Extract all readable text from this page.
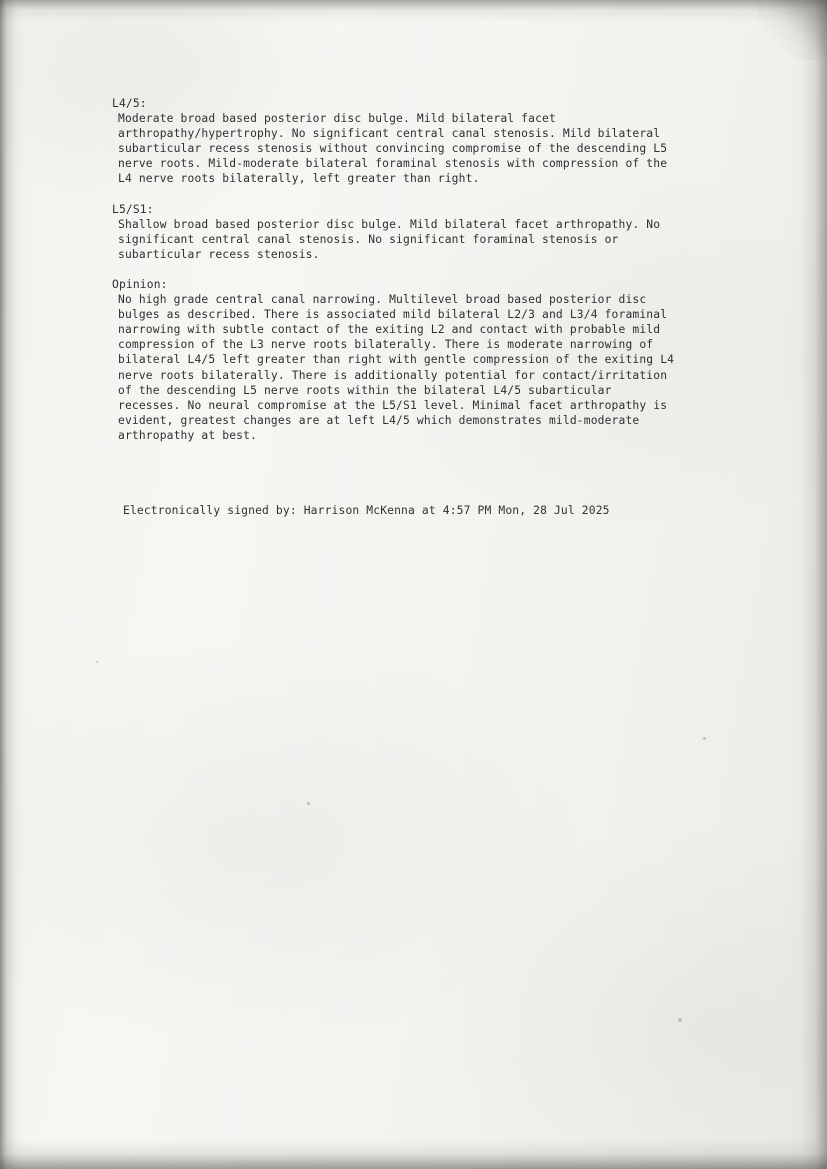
L4/5:
Moderate broad based posterior disc bulge. Mild bilateral facet
arthropathy/hypertrophy. No significant central canal stenosis. Mild bilateral
subarticular recess stenosis without convincing compromise of the descending L5
nerve roots. Mild-moderate bilateral foraminal stenosis with compression of the
L4 nerve roots bilaterally, left greater than right.
L5/S1:
Shallow broad based posterior disc bulge. Mild bilateral facet arthropathy. No
significant central canal stenosis. No significant foraminal stenosis or
subarticular recess stenosis.
Opinion:
No high grade central canal narrowing. Multilevel broad based posterior disc
bulges as described. There is associated mild bilateral L2/3 and L3/4 foraminal
narrowing with subtle contact of the exiting L2 and contact with probable mild
compression of the L3 nerve roots bilaterally. There is moderate narrowing of
bilateral L4/5 left greater than right with gentle compression of the exiting L4
nerve roots bilaterally. There is additionally potential for contact/irritation
of the descending L5 nerve roots within the bilateral L4/5 subarticular
recesses. No neural compromise at the L5/S1 level. Minimal facet arthropathy is
evident, greatest changes are at left L4/5 which demonstrates mild-moderate
arthropathy at best.
Electronically signed by: Harrison McKenna at 4:57 PM Mon, 28 Jul 2025
